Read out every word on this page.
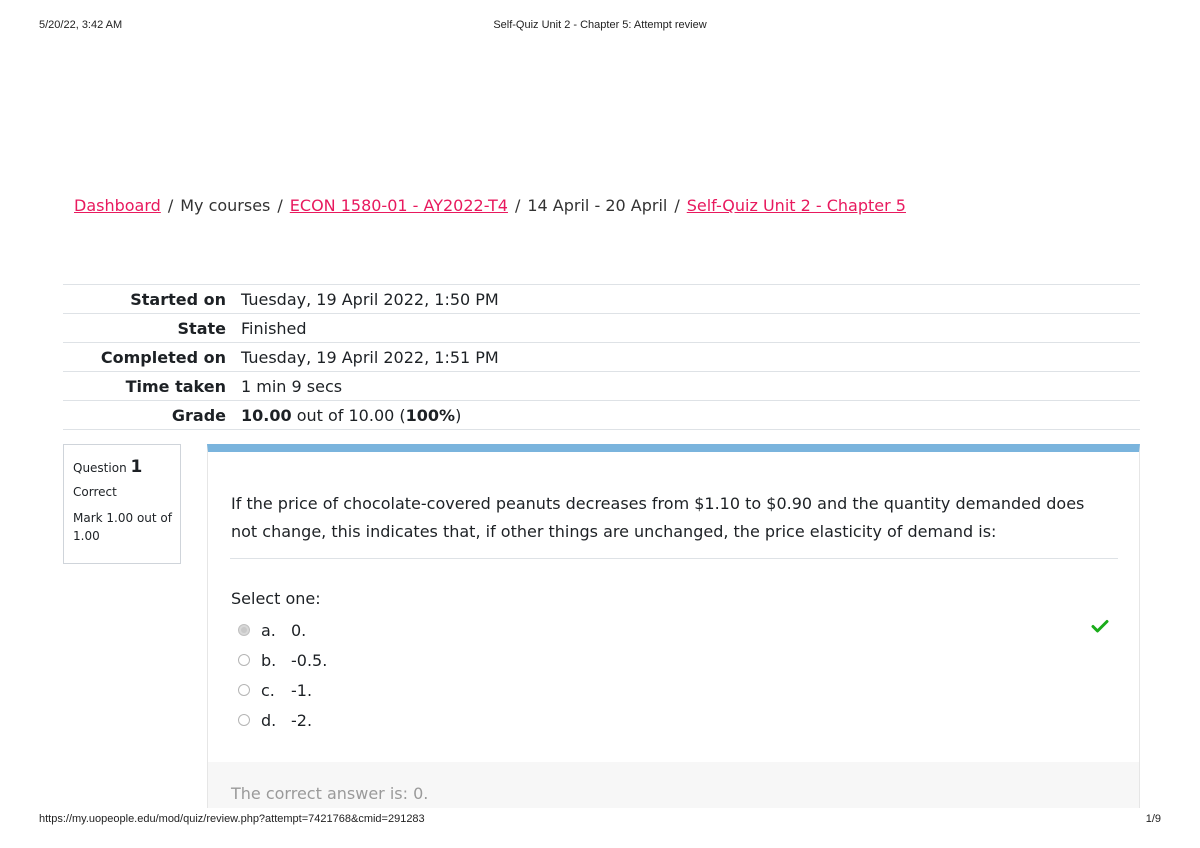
5/20/22, 3:42 AM	Self-Quiz Unit 2 - Chapter 5: Attempt review
Dashboard / My courses / ECON 1580-01 - AY2022-T4 / 14 April - 20 April / Self-Quiz Unit 2 - Chapter 5
Started on	Tuesday, 19 April 2022, 1:50 PM
State	Finished
Completed on	Tuesday, 19 April 2022, 1:51 PM
Time taken	1 min 9 secs
Grade	10.00 out of 10.00 (100%)
Question 1
Correct
Mark 1.00 out of 1.00
If the price of chocolate-covered peanuts decreases from $1.10 to $0.90 and the quantity demanded does not change, this indicates that, if other things are unchanged, the price elasticity of demand is:
Select one:
a. 0.
b. -0.5.
c.	-1.
d. -2.
The correct answer is: 0.
https://my.uopeople.edu/mod/quiz/review.php?attempt=7421768&cmid=291283	1/9
